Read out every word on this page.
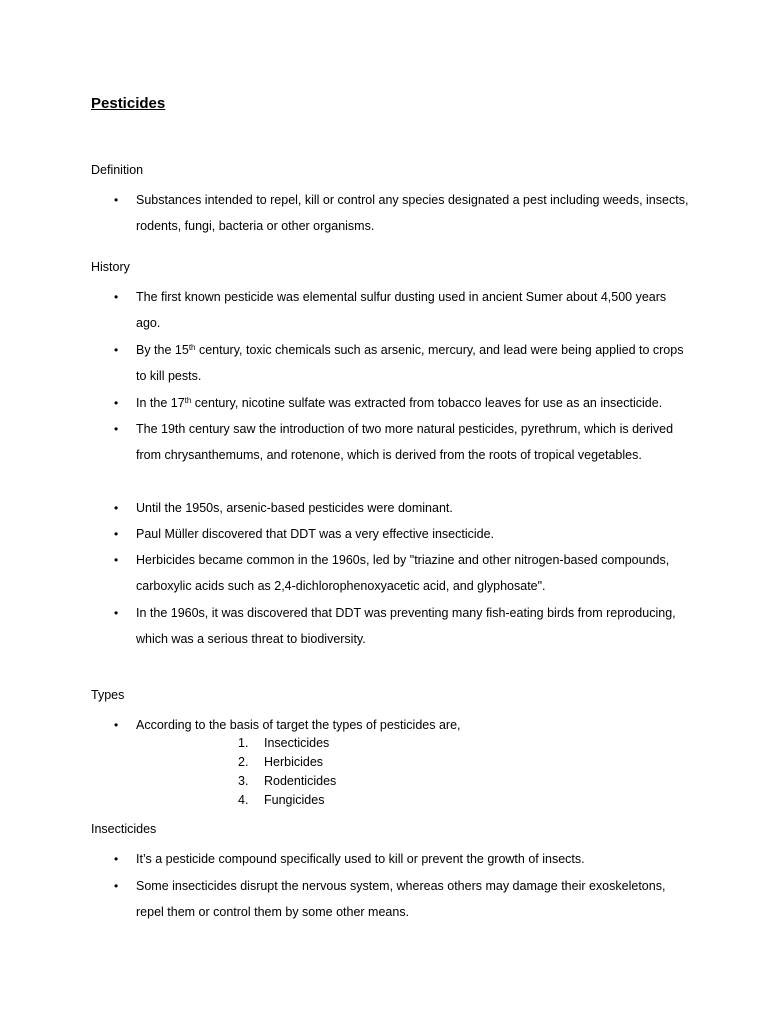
Pesticides
Definition
• Substances intended to repel, kill or control any species designated a pest including weeds, insects, rodents, fungi, bacteria or other organisms.
History
• The first known pesticide was elemental sulfur dusting used in ancient Sumer about 4,500 years ago.
• By the 15th century, toxic chemicals such as arsenic, mercury, and lead were being applied to crops to kill pests.
• In the 17th century, nicotine sulfate was extracted from tobacco leaves for use as an insecticide.
• The 19th century saw the introduction of two more natural pesticides, pyrethrum, which is derived from chrysanthemums, and rotenone, which is derived from the roots of tropical vegetables.
• Until the 1950s, arsenic-based pesticides were dominant.
• Paul Müller discovered that DDT was a very effective insecticide.
• Herbicides became common in the 1960s, led by "triazine and other nitrogen-based compounds, carboxylic acids such as 2,4-dichlorophenoxyacetic acid, and glyphosate".
• In the 1960s, it was discovered that DDT was preventing many fish-eating birds from reproducing, which was a serious threat to biodiversity.
Types
• According to the basis of target the types of pesticides are,
1. Insecticides
2. Herbicides
3. Rodenticides
4. Fungicides
Insecticides
• It’s a pesticide compound specifically used to kill or prevent the growth of insects.
• Some insecticides disrupt the nervous system, whereas others may damage their exoskeletons, repel them or control them by some other means.
